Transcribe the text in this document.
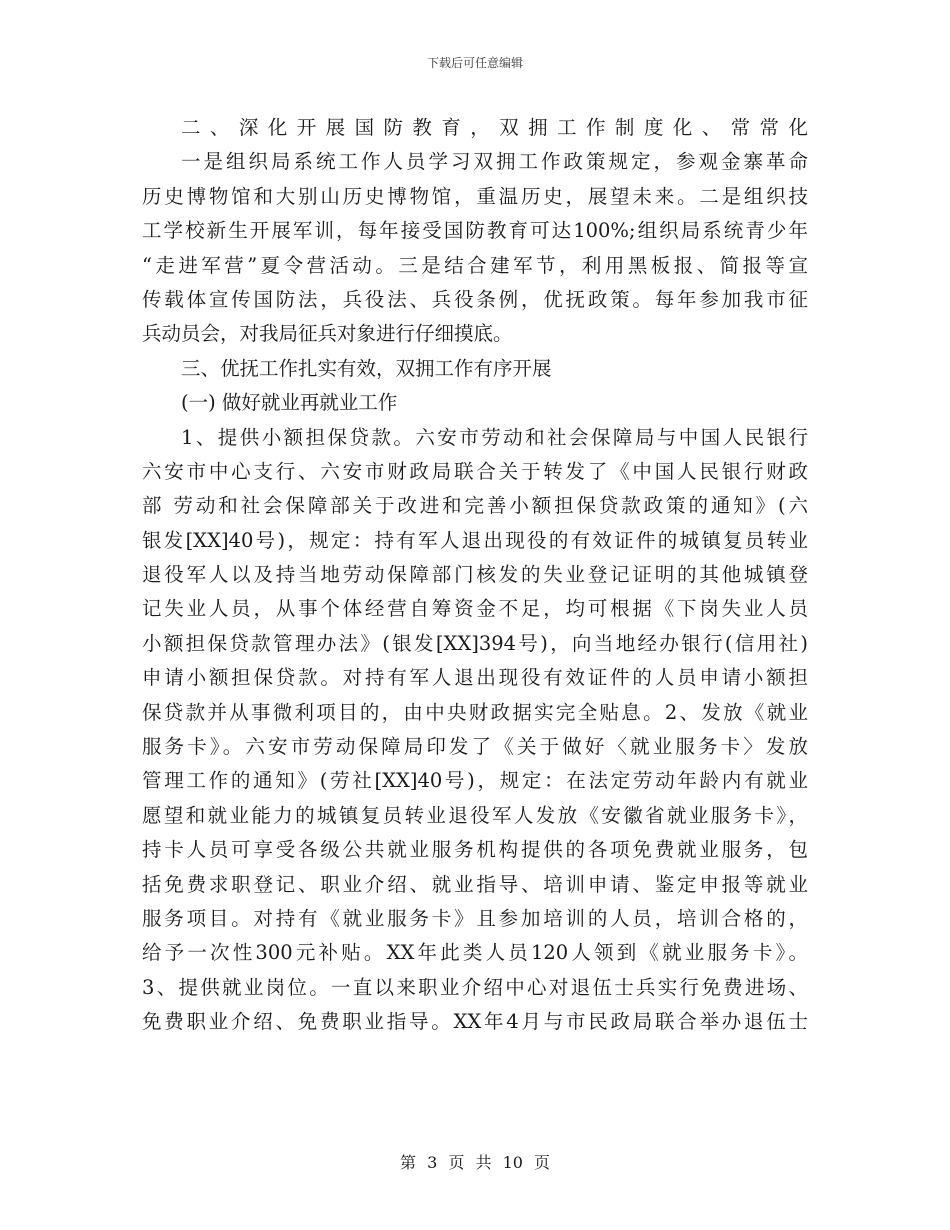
下载后可任意编辑
二、深化开展国防教育，双拥工作制度化、常常化
一是组织局系统工作人员学习双拥工作政策规定，参观金寨革命
历史博物馆和大别山历史博物馆，重温历史，展望未来。二是组织技
工学校新生开展军训，每年接受国防教育可达100%;组织局系统青少年
“走进军营”夏令营活动。三是结合建军节，利用黑板报、简报等宣
传载体宣传国防法，兵役法、兵役条例，优抚政策。每年参加我市征
兵动员会，对我局征兵对象进行仔细摸底。
三、优抚工作扎实有效，双拥工作有序开展
(一) 做好就业再就业工作
1、提供小额担保贷款。六安市劳动和社会保障局与中国人民银行
六安市中心支行、六安市财政局联合关于转发了《中国人民银行财政
部 劳动和社会保障部关于改进和完善小额担保贷款政策的通知》(六
银发[XX]40号)，规定：持有军人退出现役的有效证件的城镇复员转业
退役军人以及持当地劳动保障部门核发的失业登记证明的其他城镇登
记失业人员，从事个体经营自筹资金不足，均可根据《下岗失业人员
小额担保贷款管理办法》(银发[XX]394号)，向当地经办银行(信用社)
申请小额担保贷款。对持有军人退出现役有效证件的人员申请小额担
保贷款并从事微利项目的，由中央财政据实完全贴息。2、发放《就业
服务卡》。六安市劳动保障局印发了《关于做好〈就业服务卡〉发放
管理工作的通知》(劳社[XX]40号)，规定：在法定劳动年龄内有就业
愿望和就业能力的城镇复员转业退役军人发放《安徽省就业服务卡》，
持卡人员可享受各级公共就业服务机构提供的各项免费就业服务，包
括免费求职登记、职业介绍、就业指导、培训申请、鉴定申报等就业
服务项目。对持有《就业服务卡》且参加培训的人员，培训合格的，
给予一次性300元补贴。XX年此类人员120人领到《就业服务卡》。
3、提供就业岗位。一直以来职业介绍中心对退伍士兵实行免费进场、
免费职业介绍、免费职业指导。XX年4月与市民政局联合举办退伍士
第 3 页 共 10 页
